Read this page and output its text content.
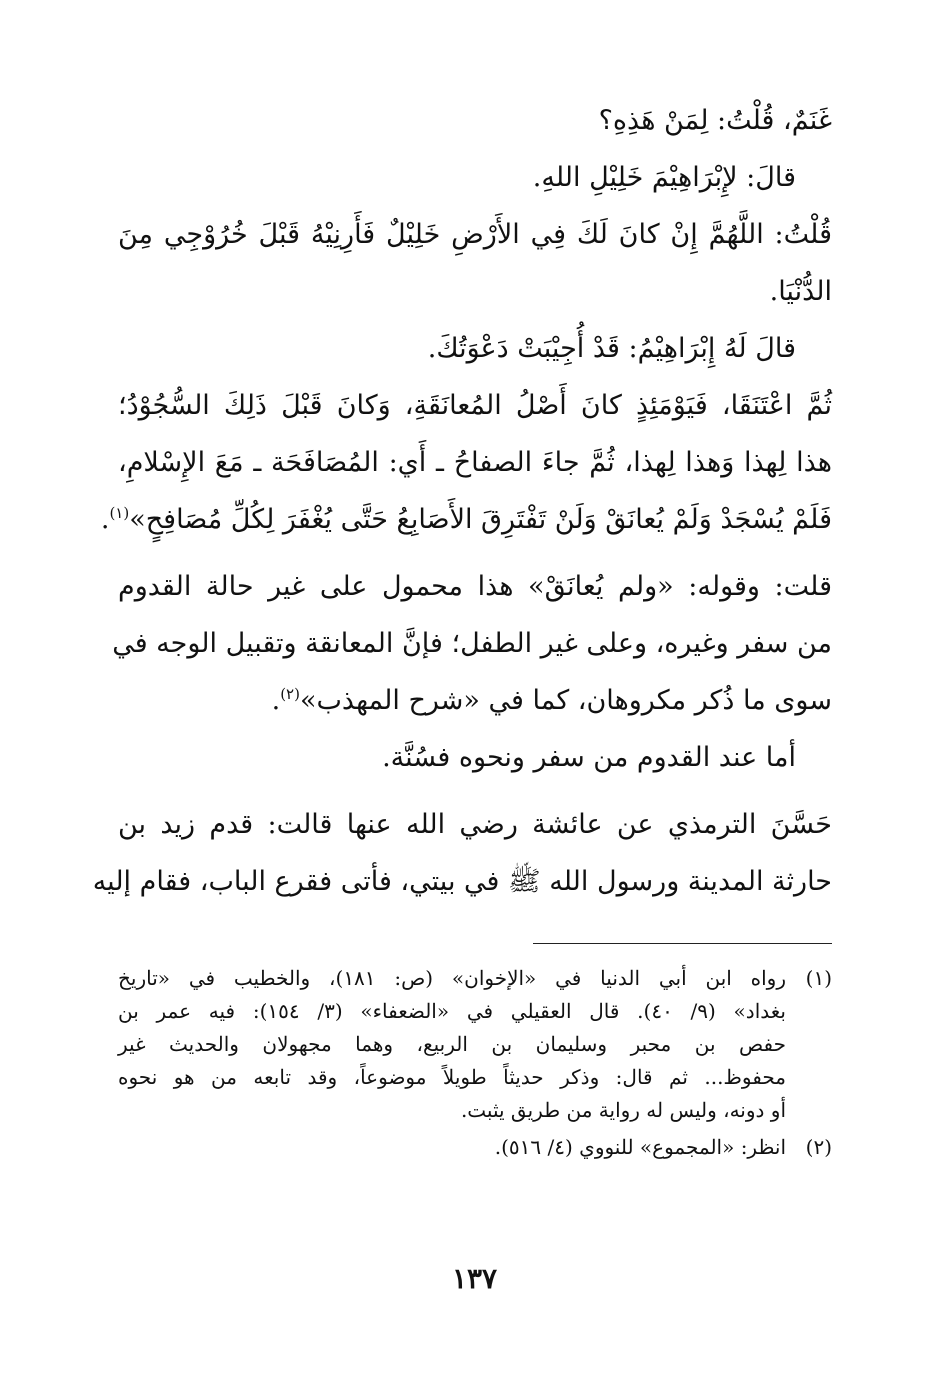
غَنَمٌ، قُلْتُ: لِمَنْ هَذِهِ؟

قالَ: لإِبْرَاهِيْمَ خَلِيْلِ اللهِ.

قُلْتُ: اللَّهُمَّ إِنْ كانَ لَكَ فِي الأَرْضِ خَلِيْلٌ فَأَرِنِيْهُ قَبْلَ خُرُوْجِي مِنَ

الدُّنْيَا.

قالَ لَهُ إِبْرَاهِيْمُ: قَدْ أُجِيْبَتْ دَعْوَتُكَ.

ثُمَّ اعْتَنَقَا، فَيَوْمَئِذٍ كانَ أَصْلُ المُعانَقَةِ، وَكانَ قَبْلَ ذَلِكَ السُّجُوْدُ؛

هذا لِهذا وَهذا لِهذا، ثُمَّ جاءَ الصفاحُ ـ أَي: المُصَافَحَة ـ مَعَ الإِسْلامِ،

فَلَمْ يُسْجَدْ وَلَمْ يُعانَقْ وَلَنْ تَفْتَرِقَ الأَصَابِعُ حَتَّى يُغْفَرَ لِكُلِّ مُصَافِحٍ»$^{(١)}$.

قلت: وقوله: «ولم يُعانَقْ» هذا محمول على غير حالة القدوم

من سفر وغيره، وعلى غير الطفل؛ فإنَّ المعانقة وتقبيل الوجه في

سوى ما ذُكر مكروهان، كما في «شرح المهذب»$^{(٢)}$.

أما عند القدوم من سفر ونحوه فسُنَّة.

حَسَّنَ الترمذي عن عائشة رضي الله عنها قالت: قدم زيد بن

حارثة المدينة ورسول الله ﷺ في بيتي، فأتى فقرع الباب، فقام إليه

(١)

رواه ابن أبي الدنيا في «الإخوان» (ص: ١٨١)، والخطيب في «تاريخ

بغداد» (٩/ ٤٠). قال العقيلي في «الضعفاء» (٣/ ١٥٤): فيه عمر بن

حفص بن محبر وسليمان بن الربيع، وهما مجهولان والحديث غير

محفوظ... ثم قال: وذكر حديثاً طويلاً موضوعاً، وقد تابعه من هو نحوه

أو دونه، وليس له رواية من طريق يثبت.

(٢)

انظر: «المجموع» للنووي (٤/ ٥١٦).

١٣٧
